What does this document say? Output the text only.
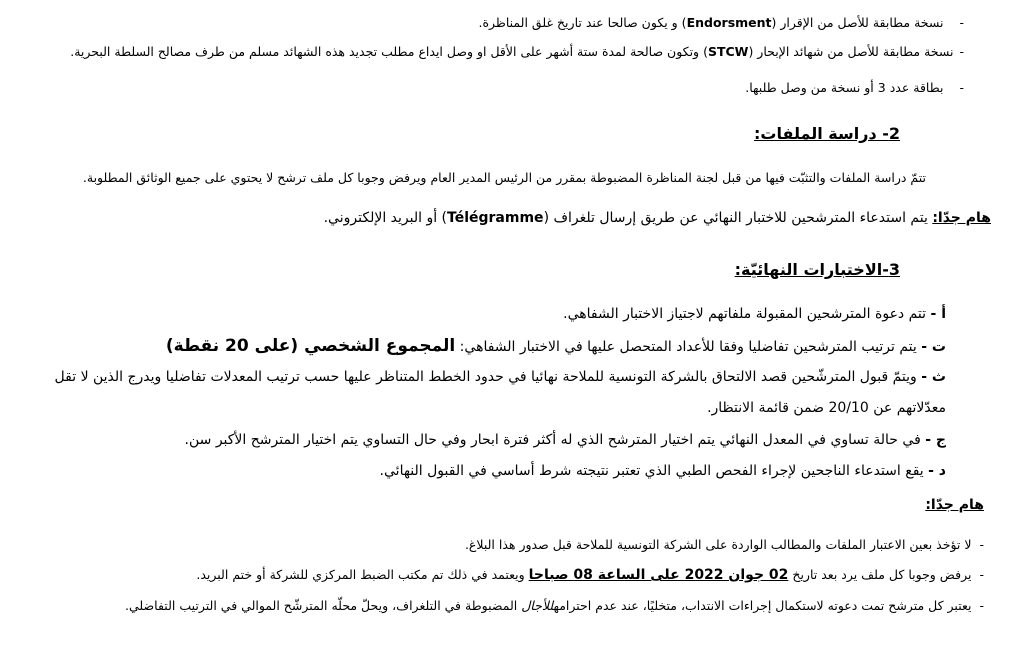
-نسخة مطابقة للأصل من الإقرار (Endorsment) و يكون صالحا عند تاريخ غلق المناظرة.
-نسخة مطابقة للأصل من شهائد الإبحار (STCW) وتكون صالحة لمدة ستة أشهر على الأقل او وصل ايداع مطلب تجديد هذه الشهائد مسلم من طرف مصالح السلطة البحرية.
-بطاقة عدد 3 أو نسخة من وصل طلبها.
2- دراسة الملفات:
تتمّ دراسة الملفات والتثبّت فيها من قبل لجنة المناظرة المضبوطة بمقرر من الرئيس المدير العام ويرفض وجوبا كل ملف ترشح لا يحتوي على جميع الوثائق المطلوبة.
هام جدّا: يتم استدعاء المترشحين للاختبار النهائي عن طريق إرسال تلغراف (Télégramme) أو البريد الإلكتروني.
3-الاختبارات النهائيّة:
أ - تتم دعوة المترشحين المقبولة ملفاتهم لاجتياز الاختبار الشفاهي.
ت - يتم ترتيب المترشحين تفاضليا وفقا للأعداد المتحصل عليها في الاختبار الشفاهي: المجموع الشخصي (على 20 نقطة)
ث - ويتمّ قبول المترشّحين قصد الالتحاق بالشركة التونسية للملاحة نهائيا في حدود الخطط المتناظر عليها حسب ترتيب المعدلات تفاضليا ويدرج الذين لا تقل
معدّلاتهم عن 20/10 ضمن قائمة الانتظار.
ج - في حالة تساوي في المعدل النهائي يتم اختيار المترشح الذي له أكثر فترة ابحار وفي حال التساوي يتم اختيار المترشح الأكبر سن.
د - يقع استدعاء الناجحين لإجراء الفحص الطبي الذي تعتبر نتيجته شرط أساسي في القبول النهائي.
هام جدّا:
-لا تؤخذ بعين الاعتبار الملفات والمطالب الواردة على الشركة التونسية للملاحة قبل صدور هذا البلاغ.
-يرفض وجوبا كل ملف يرد بعد تاريخ 02 جوان 2022 على الساعة 08 صباحا ويعتمد في ذلك تم مكتب الضبط المركزي للشركة أو ختم البريد.
-يعتبر كل مترشح تمت دعوته لاستكمال إجراءات الانتداب، متخليًا، عند عدم احترامهللأجال المضبوطة في التلغراف، ويحلّ محلّه المترشّح الموالي في الترتيب التفاضلي.
